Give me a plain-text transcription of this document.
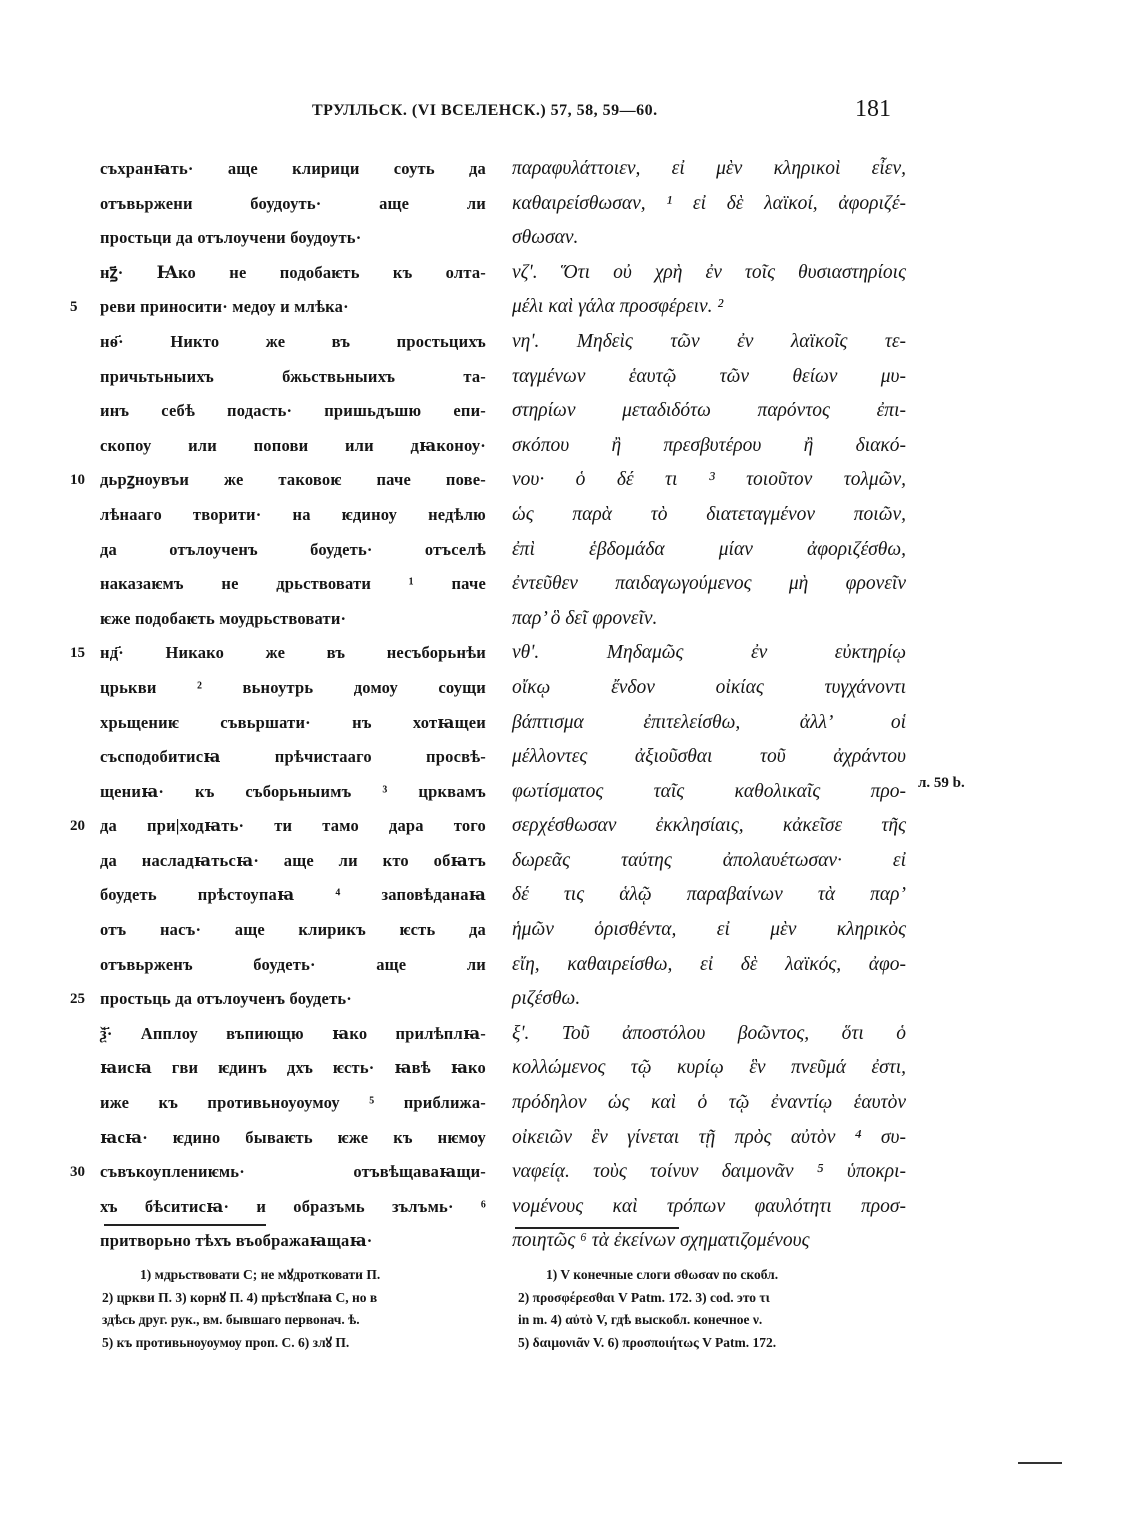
ТРУЛЛЬСК. (VI ВСЕЛЕНСК.) 57, 58, 59—60.	181
съхранꙗть· аще клирици соуть да
отъвьржени боудоуть· аще ли
простьци да отълоучени боудоуть·
нꙁ҃· Ꙗко не подобаѥть къ олта-
5	реви приносити· медоу и млѣка·
нѳ҃· Никто же въ простьцихъ
причьтьныихъ бжьствьныихъ та-
инъ себѣ подасть· пришьдъшю епи-
скопоу или попови или дꙗконоу·
10 дьрꙁноувъи же таковоѥ паче пове-
лѣнааго творити· на ѥдиноу недѣлю
да отълоученъ боудеть· отъселѣ
наказаѥмъ не дрьствовати ¹ паче
ѥже подобаѥть моудрьствовати·
15 нд҃· Никако же въ несъборьнѣи
црькви ² вьноутрь домоу соущи
хрьщениѥ съвьршати· нъ хотꙗщеи
съсподобитисꙗ прѣчистааго просвѣ-
щениꙗ· къ съборьныимъ ³ црквамъ
20 да при|ходꙗть· ти тамо дара того
да насладꙗтьсꙗ· аще ли кто обꙗтъ
боудеть прѣстоупаꙗ ⁴ заповѣданаꙗ
отъ насъ· аще клирикъ ѥсть да
отъвьрженъ боудеть· аще ли
25 простьць да отълоученъ боудеть·
ѯ҃· Апплоу въпиющю ꙗко прилѣплꙗ-
ꙗисꙗ гви ѥдинъ дхъ ѥсть· ꙗвѣ ꙗко
иже къ противьноуоумоу ⁵ приближа-
ꙗсꙗ· ѥдино бываѥть ѥже къ нѥмоу
30 съвъкоуплениѥмь· отъвѣщаваꙗщи-
хъ бѣситисꙗ· и образъмь зълъмь· ⁶
притворьно тѣхъ въображаꙗщаꙗ·
παραφυλάττοιεν, εἰ μὲν κληρικοὶ εἶεν,
καθαιρείσθωσαν, ¹ εἰ δὲ λαϊκοί, ἀφοριζέ-
σθωσαν.
νζʹ. Ὅτι οὐ χρὴ ἐν τοῖς θυσιαστηρίοις
μέλι καὶ γάλα προσφέρειν. ²
νηʹ. Μηδεὶς τῶν ἐν λαϊκοῖς τε-
ταγμένων ἑαυτῷ τῶν θείων μυ-
στηρίων μεταδιδότω παρόντος ἐπι-
σκόπου ἢ πρεσβυτέρου ἢ διακό-
νου· ὁ δέ τι ³ τοιοῦτον τολμῶν,
ὡς παρὰ τὸ διατεταγμένον ποιῶν,
ἐπὶ ἑβδομάδα μίαν ἀφοριζέσθω,
ἐντεῦθεν παιδαγωγούμενος μὴ φρονεῖν
παρ’ ὃ δεῖ φρονεῖν.
νθʹ. Μηδαμῶς ἐν εὐκτηρίῳ
οἴκῳ ἔνδον οἰκίας τυγχάνοντι
βάπτισμα ἐπιτελείσθω, ἀλλ’ οἱ
μέλλοντες ἀξιοῦσθαι τοῦ ἀχράντου
φωτίσματος ταῖς καθολικαῖς προ-
σερχέσθωσαν ἐκκλησίαις, κἀκεῖσε τῆς
δωρεᾶς ταύτης ἀπολαυέτωσαν· εἰ
δέ τις ἁλῷ παραβαίνων τὰ παρ’
ἡμῶν ὁρισθέντα, εἰ μὲν κληρικὸς
εἴη, καθαιρείσθω, εἰ δὲ λαϊκός, ἀφο-
ριζέσθω.
ξʹ. Τοῦ ἀποστόλου βοῶντος, ὅτι ὁ
κολλώμενος τῷ κυρίῳ ἓν πνεῦμά ἐστι,
πρόδηλον ὡς καὶ ὁ τῷ ἐναντίῳ ἑαυτὸν
οἰκειῶν ἓν γίνεται τῇ πρὸς αὐτὸν ⁴ συ-
ναφείᾳ. τοὺς τοίνυν δαιμονᾶν ⁵ ὑποκρι-
νομένους καὶ τρόπων φαυλότητι προσ-
ποιητῶς ⁶ τὰ ἐκείνων σχηματιζομένους
л. 59 b.
1) мдрьствовати С; не мꙋдротковати П.
2) цркви П. 3) корнꙋ П. 4) прѣстꙋпаꙗ С, но в
здѣсь друг. рук., вм. бывшаго первонач. ѣ.
5) къ противьноуоумоу проп. С. 6) злꙋ П.
1) V конечные слоги σθωσαν по скобл.
2) προσφέρεσθαι V Patm. 172. 3) cod. это τι
in m. 4) αὐτὸ V, гдѣ выскобл. конечное ν.
5) δαιμονιᾶν V. 6) προσποιήτως V Patm. 172.
